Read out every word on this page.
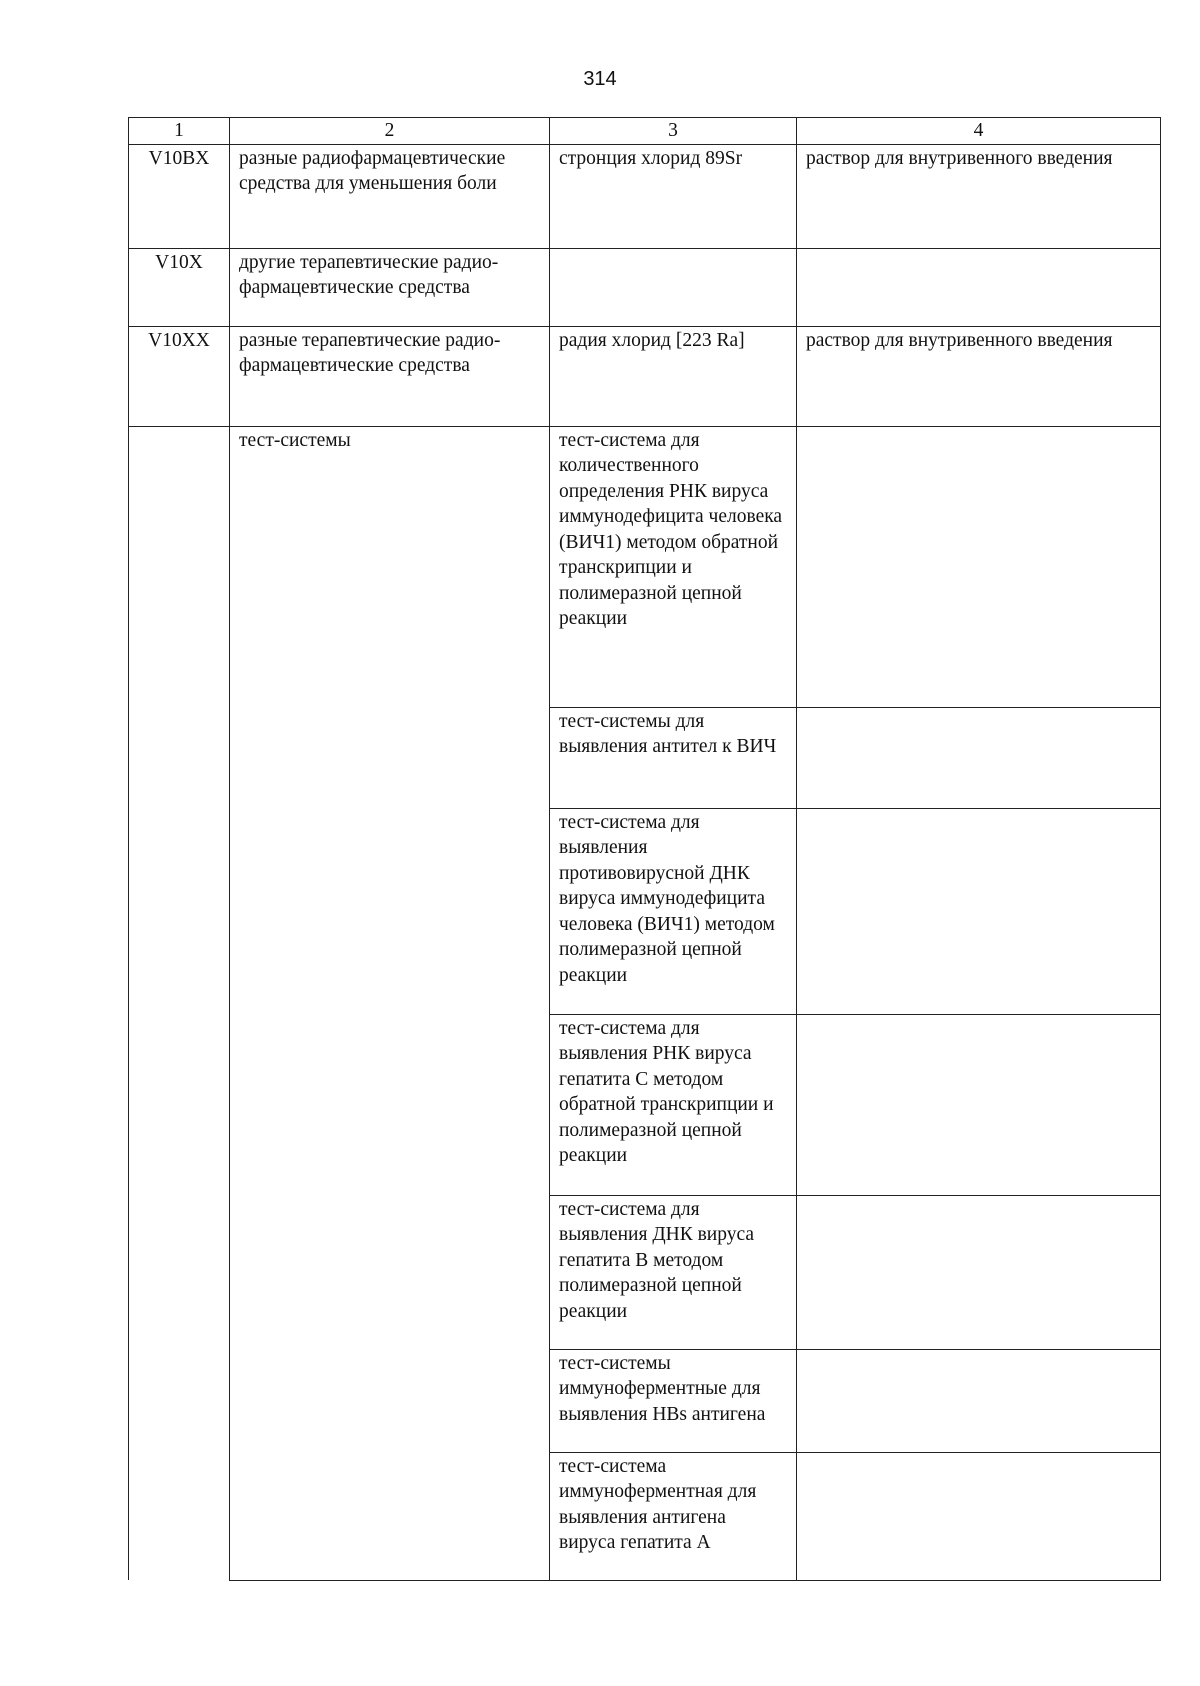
314
1	2	3	4
V10BX	разные радиофармацевтические средства для уменьшения боли	стронция хлорид 89Sr	раствор для внутривенного введения
V10X	другие терапевтические радио-фармацевтические средства		
V10XX	разные терапевтические радио-фармацевтические средства	радия хлорид [223 Ra]	раствор для внутривенного введения
	тест-системы	тест-система для количественного определения РНК вируса иммунодефицита человека (ВИЧ1) методом обратной транскрипции и полимеразной цепной реакции	
		тест-системы для выявления антител к ВИЧ	
		тест-система для выявления противовирусной ДНК вируса иммунодефицита человека (ВИЧ1) методом полимеразной цепной реакции	
		тест-система для выявления РНК вируса гепатита С методом обратной транскрипции и полимеразной цепной реакции	
		тест-система для выявления ДНК вируса гепатита В методом полимеразной цепной реакции	
		тест-системы иммуноферментные для выявления HBs антигена	
		тест-система иммуноферментная для выявления антигена вируса гепатита А	
